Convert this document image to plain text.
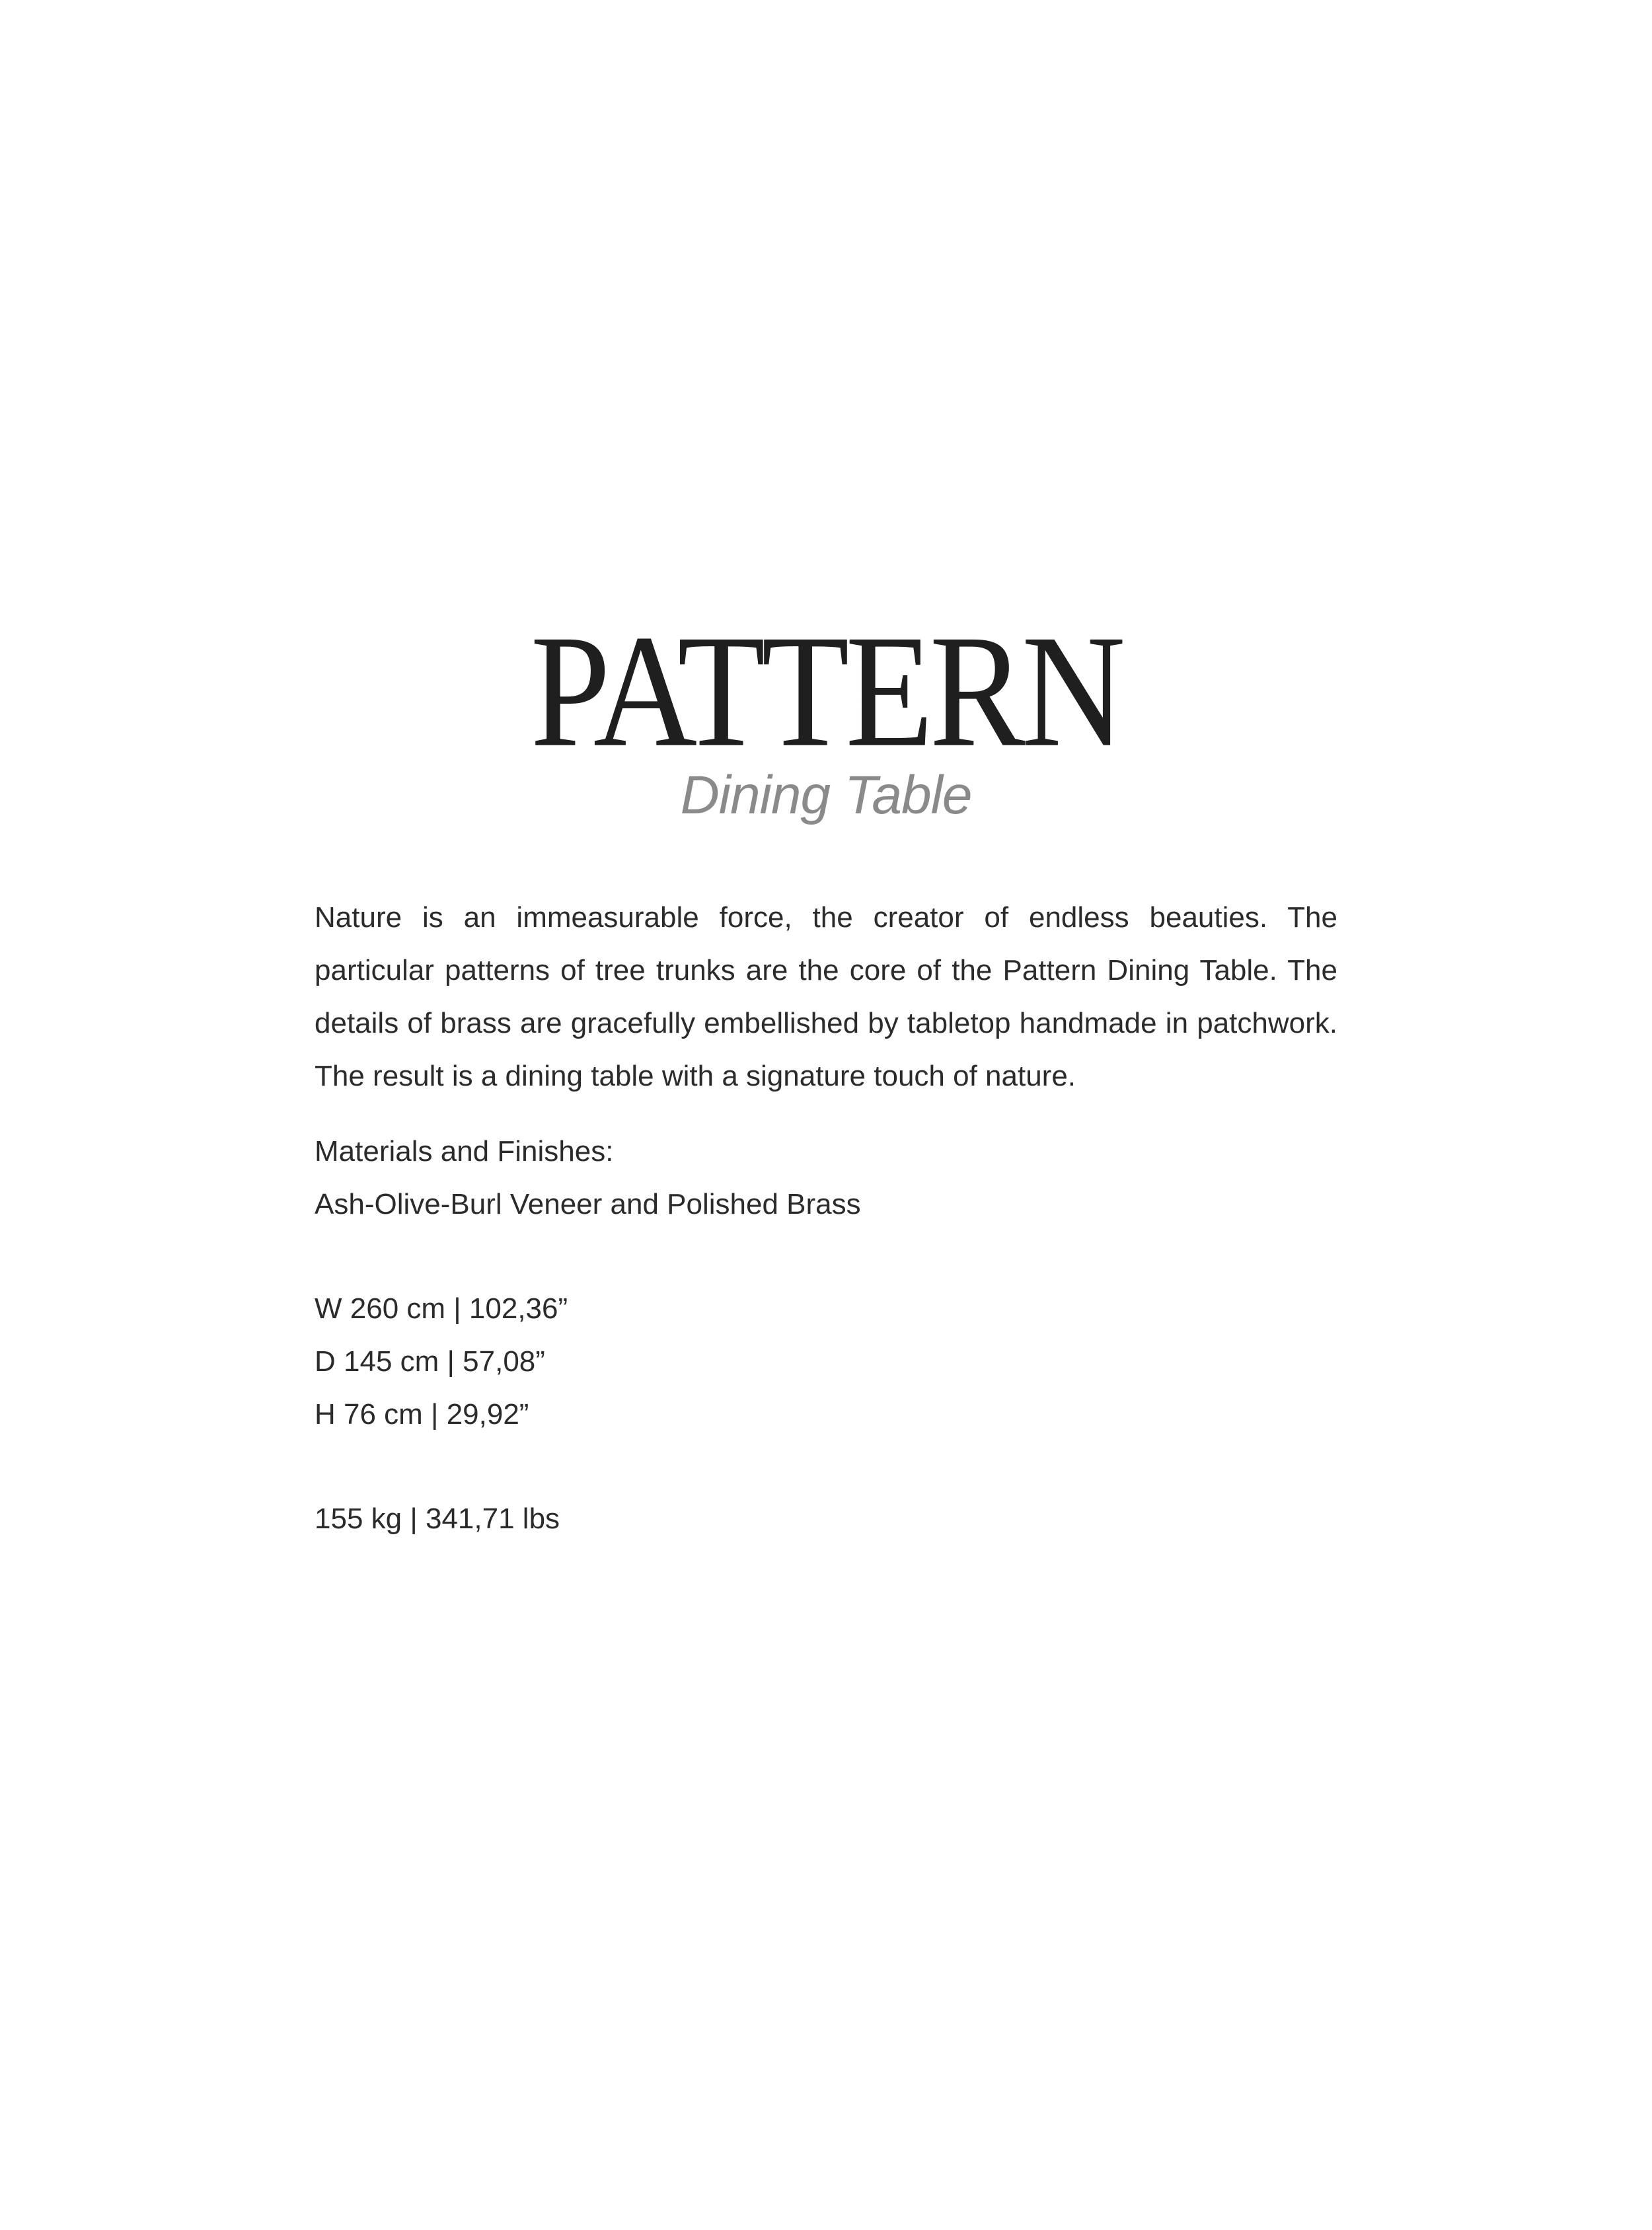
PATTERN
Dining Table

Nature is an immeasurable force, the creator of endless beauties. The particular patterns of tree trunks are the core of the Pattern Dining Table. The details of brass are gracefully embellished by tabletop handmade in patchwork. The result is a dining table with a signature touch of nature.

Materials and Finishes:
Ash-Olive-Burl Veneer and Polished Brass
W 260 cm | 102,36”
D 145 cm | 57,08”
H 76 cm | 29,92”
155 kg | 341,71 lbs
